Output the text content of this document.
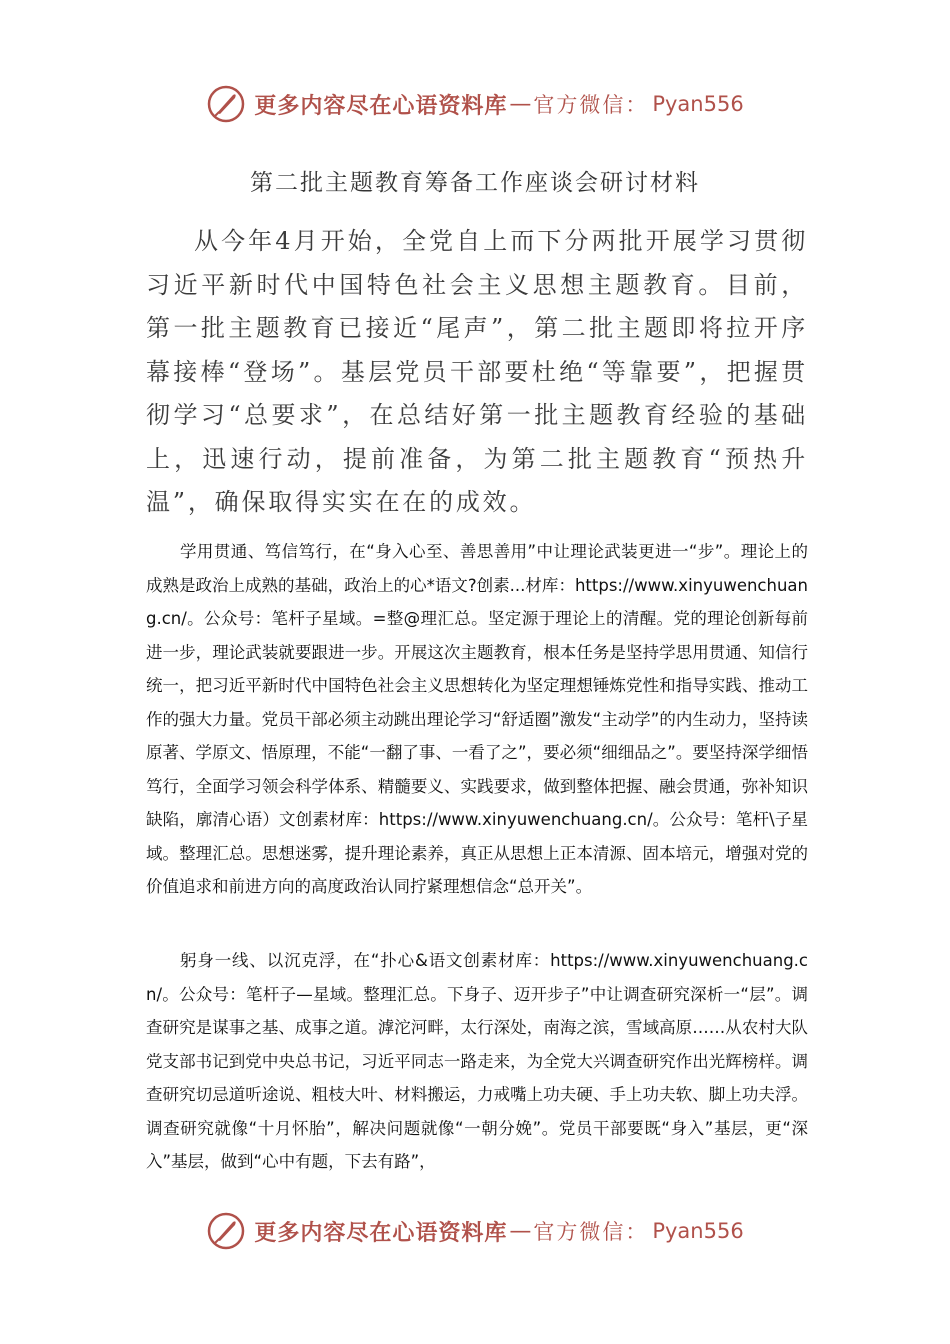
更多内容尽在心语资料库 — 官方微信： Pyan556
第二批主题教育筹备工作座谈会研讨材料

从今年4月开始，全党自上而下分两批开展学习贯彻习近平新时代中国特色社会主义思想主题教育。目前，第一批主题教育已接近“尾声”，第二批主题即将拉开序幕接棒“登场”。基层党员干部要杜绝“等靠要”，把握贯彻学习“总要求”，在总结好第一批主题教育经验的基础上，迅速行动，提前准备，为第二批主题教育“预热升温”，确保取得实实在在的成效。

学用贯通、笃信笃行，在“身入心至、善思善用”中让理论武装更进一“步”。理论上的成熟是政治上成熟的基础，政治上的心*语文?创素...材库：https://www.xinyuwenchuang.cn/。公众号：笔杆子星域。=整@理汇总。坚定源于理论上的清醒。党的理论创新每前进一步，理论武装就要跟进一步。开展这次主题教育，根本任务是坚持学思用贯通、知信行统一，把习近平新时代中国特色社会主义思想转化为坚定理想锤炼党性和指导实践、推动工作的强大力量。党员干部必须主动跳出理论学习“舒适圈”激发“主动学”的内生动力，坚持读原著、学原文、悟原理，不能“一翻了事、一看了之”，要必须“细细品之”。要坚持深学细悟笃行，全面学习领会科学体系、精髓要义、实践要求，做到整体把握、融会贯通，弥补知识缺陷，廓清心语）文创素材库：https://www.xinyuwenchuang.cn/。公众号：笔杆\子星域。整理汇总。思想迷雾，提升理论素养，真正从思想上正本清源、固本培元，增强对党的价值追求和前进方向的高度政治认同拧紧理想信念“总开关”。

躬身一线、以沉克浮，在“扑心&语文创素材库：https://www.xinyuwenchuang.cn/。公众号：笔杆子—星域。整理汇总。下身子、迈开步子”中让调查研究深析一“层”。调查研究是谋事之基、成事之道。滹沱河畔，太行深处，南海之滨，雪域高原……从农村大队党支部书记到党中央总书记，习近平同志一路走来，为全党大兴调查研究作出光辉榜样。调查研究切忌道听途说、粗枝大叶、材料搬运，力戒嘴上功夫硬、手上功夫软、脚上功夫浮。调查研究就像“十月怀胎”，解决问题就像“一朝分娩”。党员干部要既“身入”基层，更“深入”基层，做到“心中有题，下去有路”，

更多内容尽在心语资料库 — 官方微信： Pyan556
